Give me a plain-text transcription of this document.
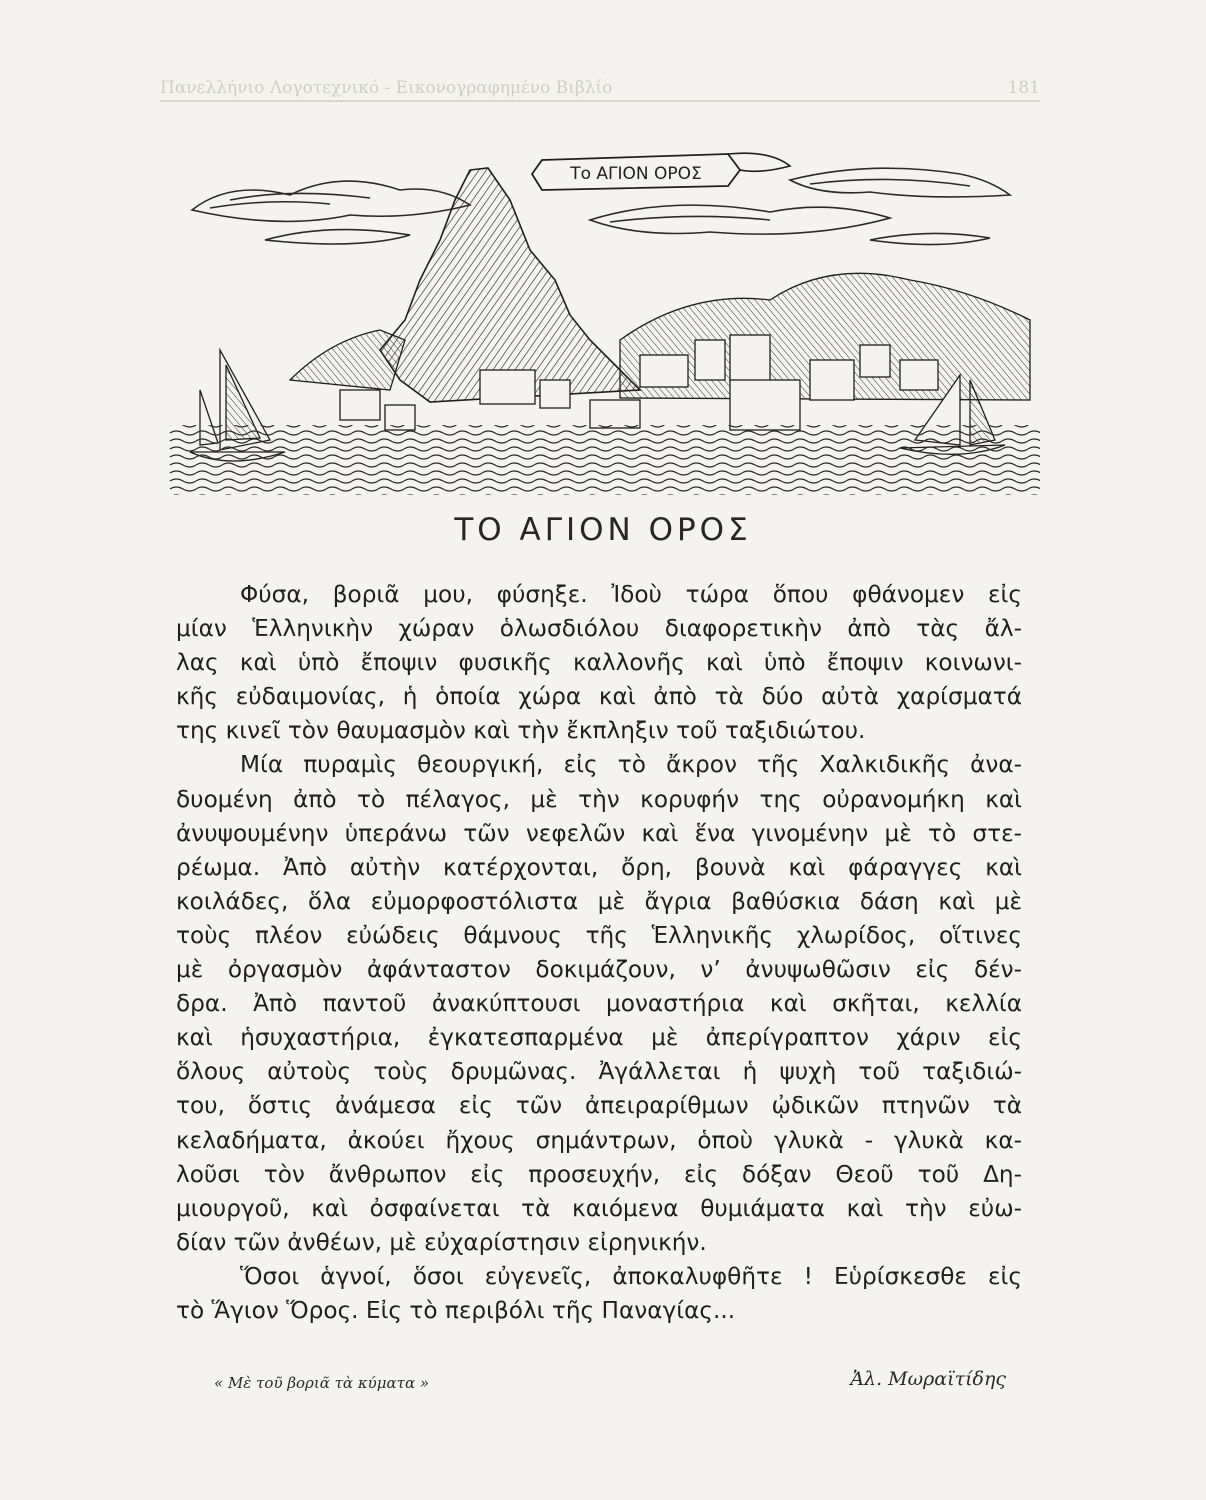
Πανελλήνιο Λογοτεχνικό - Εικονογραφημένο Βιβλίο	181
Το ΑΓΙΟΝ ΟΡΟΣ
ΤΟ ΑΓΙΟΝ ΟΡΟΣ
Φύσα, βοριᾶ μου, φύσηξε. Ἰδοὺ τώρα ὅπου φθάνομεν εἰς
μίαν Ἑλληνικὴν χώραν ὁλωσδιόλου διαφορετικὴν ἀπὸ τὰς ἄλ-
λας καὶ ὑπὸ ἔποψιν φυσικῆς καλλονῆς καὶ ὑπὸ ἔποψιν κοινωνι-
κῆς εὐδαιμονίας, ἡ ὁποία χώρα καὶ ἀπὸ τὰ δύο αὐτὰ χαρίσματά
της κινεῖ τὸν θαυμασμὸν καὶ τὴν ἔκπληξιν τοῦ ταξιδιώτου.
Μία πυραμὶς θεουργική, εἰς τὸ ἄκρον τῆς Χαλκιδικῆς ἀνα-
δυομένη ἀπὸ τὸ πέλαγος, μὲ τὴν κορυφήν της οὐρανομήκη καὶ
ἀνυψουμένην ὑπεράνω τῶν νεφελῶν καὶ ἕνα γινομένην μὲ τὸ στε-
ρέωμα. Ἀπὸ αὐτὴν κατέρχονται, ὄρη, βουνὰ καὶ φάραγγες καὶ
κοιλάδες, ὅλα εὐμορφοστόλιστα μὲ ἄγρια βαθύσκια δάση καὶ μὲ
τοὺς πλέον εὐώδεις θάμνους τῆς Ἑλληνικῆς χλωρίδος, οἵτινες
μὲ ὀργασμὸν ἀφάνταστον δοκιμάζουν, ν’ ἀνυψωθῶσιν εἰς δέν-
δρα. Ἀπὸ παντοῦ ἀνακύπτουσι μοναστήρια καὶ σκῆται, κελλία
καὶ ἡσυχαστήρια, ἐγκατεσπαρμένα μὲ ἀπερίγραπτον χάριν εἰς
ὅλους αὐτοὺς τοὺς δρυμῶνας. Ἀγάλλεται ἡ ψυχὴ τοῦ ταξιδιώ-
του, ὅστις ἀνάμεσα εἰς τῶν ἀπειραρίθμων ᾠδικῶν πτηνῶν τὰ
κελαδήματα, ἀκούει ἤχους σημάντρων, ὁποὺ γλυκὰ - γλυκὰ κα-
λοῦσι τὸν ἄνθρωπον εἰς προσευχήν, εἰς δόξαν Θεοῦ τοῦ Δη-
μιουργοῦ, καὶ ὀσφαίνεται τὰ καιόμενα θυμιάματα καὶ τὴν εὐω-
δίαν τῶν ἀνθέων, μὲ εὐχαρίστησιν εἰρηνικήν.
Ὅσοι ἁγνοί, ὅσοι εὐγενεῖς, ἀποκαλυφθῆτε ! Εὑρίσκεσθε εἰς
τὸ Ἅγιον Ὅρος. Εἰς τὸ περιβόλι τῆς Παναγίας...
« Μὲ τοῦ βοριᾶ τὰ κύματα »	Ἀλ. Μωραϊτίδης
